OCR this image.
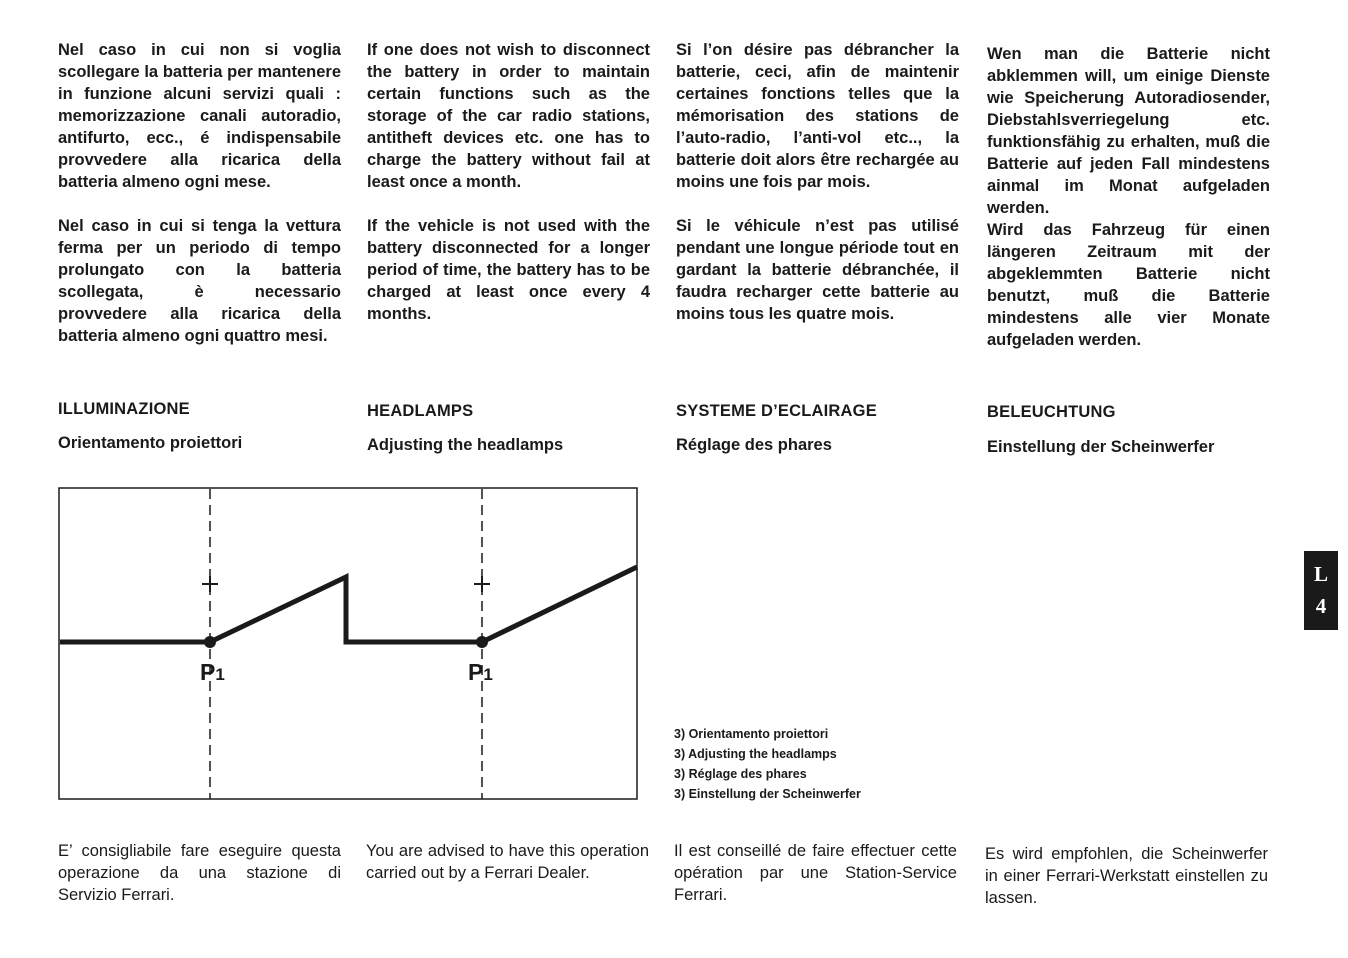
Nel caso in cui non si voglia scollegare la batteria per mantenere in funzione alcuni servizi quali : memorizzazione canali autoradio, antifurto, ecc., é indispensabile provvedere alla ricarica della batteria almeno ogni mese.

Nel caso in cui si tenga la vettura ferma per un periodo di tempo prolungato con la batteria scollegata, è necessario provvedere alla ricarica della batteria almeno ogni quattro mesi.

If one does not wish to disconnect the battery in order to maintain certain functions such as the storage of the car radio stations, antitheft devices etc. one has to charge the battery without fail at least once a month.

If the vehicle is not used with the battery disconnected for a longer period of time, the battery has to be charged at least once every 4 months.

Si l’on désire pas débrancher la batterie, ceci, afin de maintenir certaines fonctions telles que la mémorisation des stations de l’auto-radio, l’anti-vol etc.., la batterie doit alors être rechargée au moins une fois par mois.

Si le véhicule n’est pas utilisé pendant une longue période tout en gardant la batterie débranchée, il faudra recharger cette batterie au moins tous les quatre mois.

Wen man die Batterie nicht abklemmen will, um einige Dienste wie Speicherung Autoradiosender, Diebstahlsverriegelung etc. funktionsfähig zu erhalten, muß die Batterie auf jeden Fall mindestens ainmal im Monat aufgeladen werden.

Wird das Fahrzeug für einen längeren Zeitraum mit der abgeklemmten Batterie nicht benutzt, muß die Batterie mindestens alle vier Monate aufgeladen werden.

ILLUMINAZIONE	HEADLAMPS	SYSTEME D’ECLAIRAGE	BELEUCHTUNG
Orientamento proiettori	Adjusting the headlamps	Réglage des phares	Einstellung der Scheinwerfer
P1	P1
3) Orientamento proiettori
3) Adjusting the headlamps
3) Réglage des phares
3) Einstellung der Scheinwerfer
E’ consigliabile fare eseguire questa operazione da una stazione di Servizio Ferrari.
You are advised to have this operation carried out by a Ferrari Dealer.
Il est conseillé de faire effectuer cette opération par une Station-Service Ferrari.
Es wird empfohlen, die Scheinwerfer in einer Ferrari-Werkstatt einstellen zu lassen.
L
4
